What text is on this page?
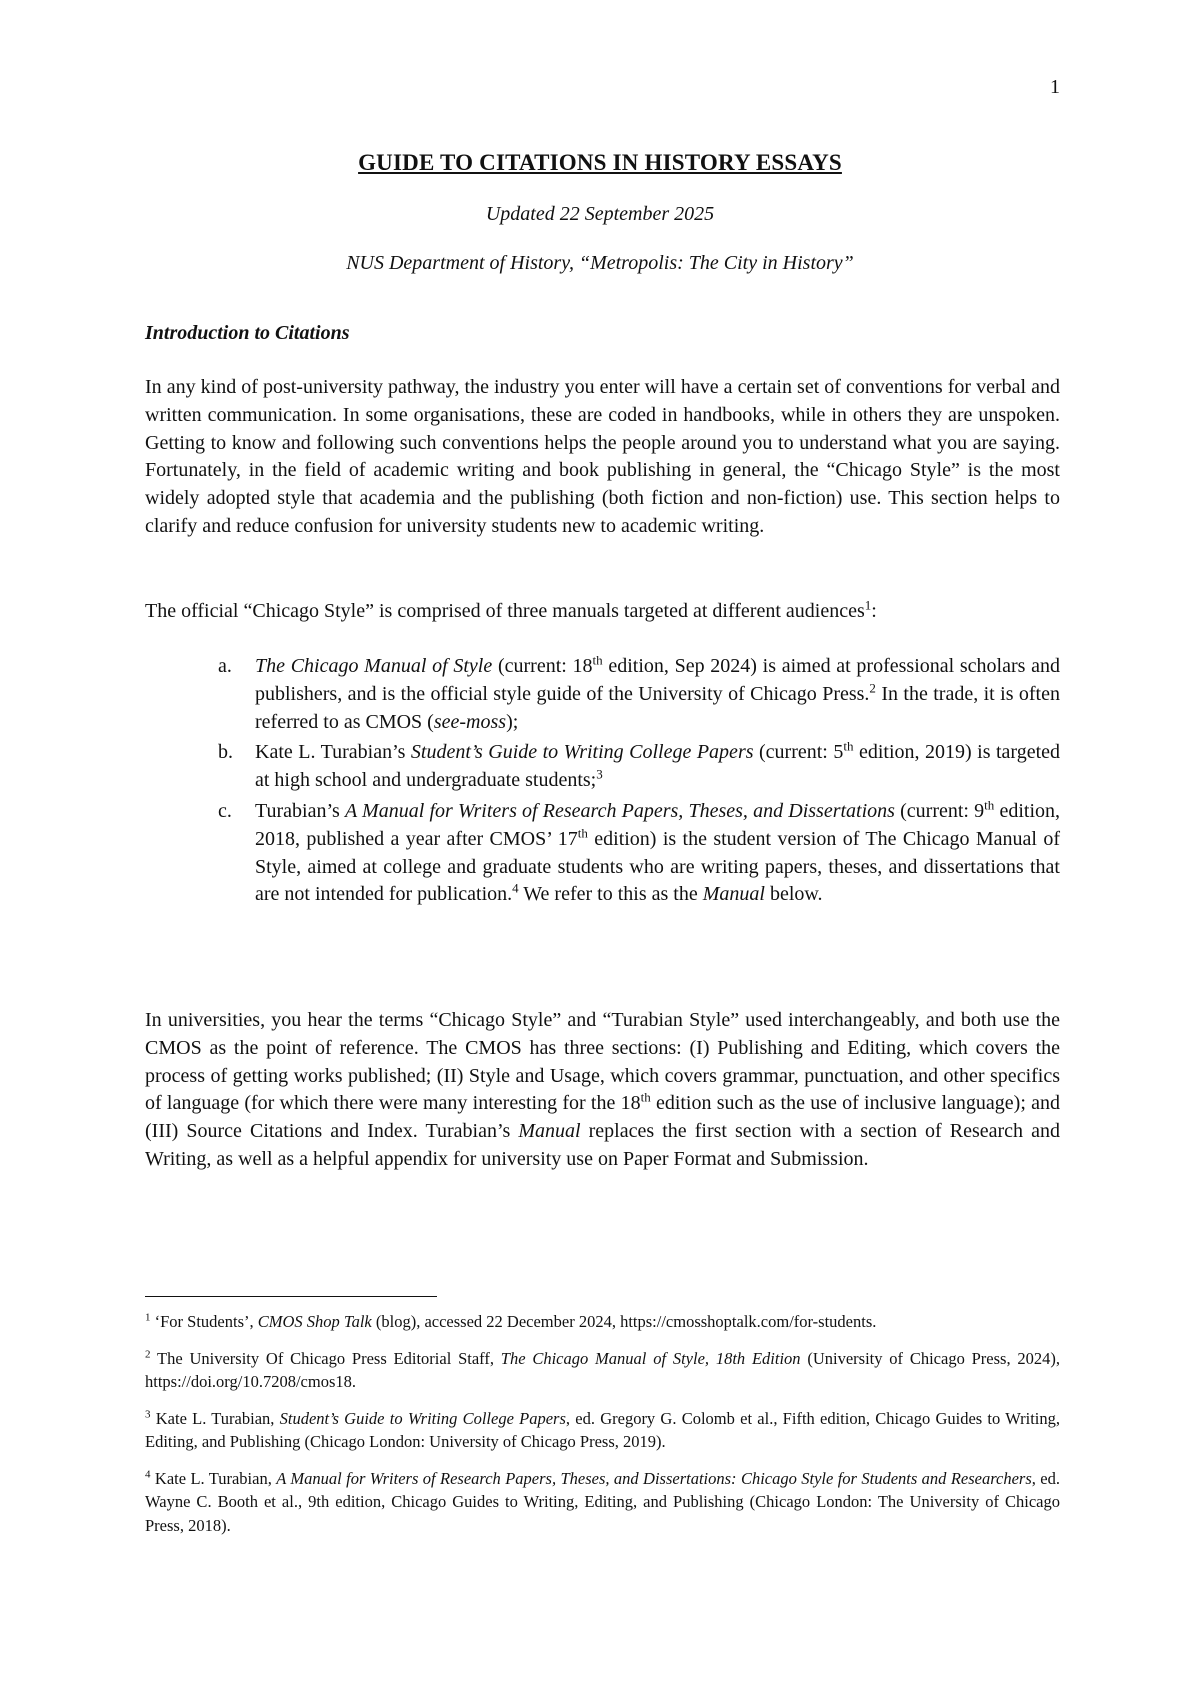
1
GUIDE TO CITATIONS IN HISTORY ESSAYS
Updated 22 September 2025
NUS Department of History, “Metropolis: The City in History”
Introduction to Citations

In any kind of post-university pathway, the industry you enter will have a certain set of conventions for verbal and written communication. In some organisations, these are coded in handbooks, while in others they are unspoken. Getting to know and following such conventions helps the people around you to understand what you are saying. Fortunately, in the field of academic writing and book publishing in general, the “Chicago Style” is the most widely adopted style that academia and the publishing (both fiction and non-fiction) use. This section helps to clarify and reduce confusion for university students new to academic writing.

The official “Chicago Style” is comprised of three manuals targeted at different audiences$^1$:

a. The Chicago Manual of Style (current: 18th edition, Sep 2024) is aimed at professional scholars and publishers, and is the official style guide of the University of Chicago Press.$^2$ In the trade, it is often referred to as CMOS (see-moss);
b. Kate L. Turabian’s Student’s Guide to Writing College Papers (current: 5th edition, 2019) is targeted at high school and undergraduate students;$^3$
c. Turabian’s A Manual for Writers of Research Papers, Theses, and Dissertations (current: 9th edition, 2018, published a year after CMOS’ 17th edition) is the student version of The Chicago Manual of Style, aimed at college and graduate students who are writing papers, theses, and dissertations that are not intended for publication.$^4$ We refer to this as the Manual below.

In universities, you hear the terms “Chicago Style” and “Turabian Style” used interchangeably, and both use the CMOS as the point of reference. The CMOS has three sections: (I) Publishing and Editing, which covers the process of getting works published; (II) Style and Usage, which covers grammar, punctuation, and other specifics of language (for which there were many interesting for the 18th edition such as the use of inclusive language); and (III) Source Citations and Index. Turabian’s Manual replaces the first section with a section of Research and Writing, as well as a helpful appendix for university use on Paper Format and Submission.

$^1$ ‘For Students’, CMOS Shop Talk (blog), accessed 22 December 2024, https://cmosshoptalk.com/for-students.

$^2$ The University Of Chicago Press Editorial Staff, The Chicago Manual of Style, 18th Edition (University of Chicago Press, 2024), https://doi.org/10.7208/cmos18.

$^3$ Kate L. Turabian, Student’s Guide to Writing College Papers, ed. Gregory G. Colomb et al., Fifth edition, Chicago Guides to Writing, Editing, and Publishing (Chicago London: University of Chicago Press, 2019).

$^4$ Kate L. Turabian, A Manual for Writers of Research Papers, Theses, and Dissertations: Chicago Style for Students and Researchers, ed. Wayne C. Booth et al., 9th edition, Chicago Guides to Writing, Editing, and Publishing (Chicago London: The University of Chicago Press, 2018).
